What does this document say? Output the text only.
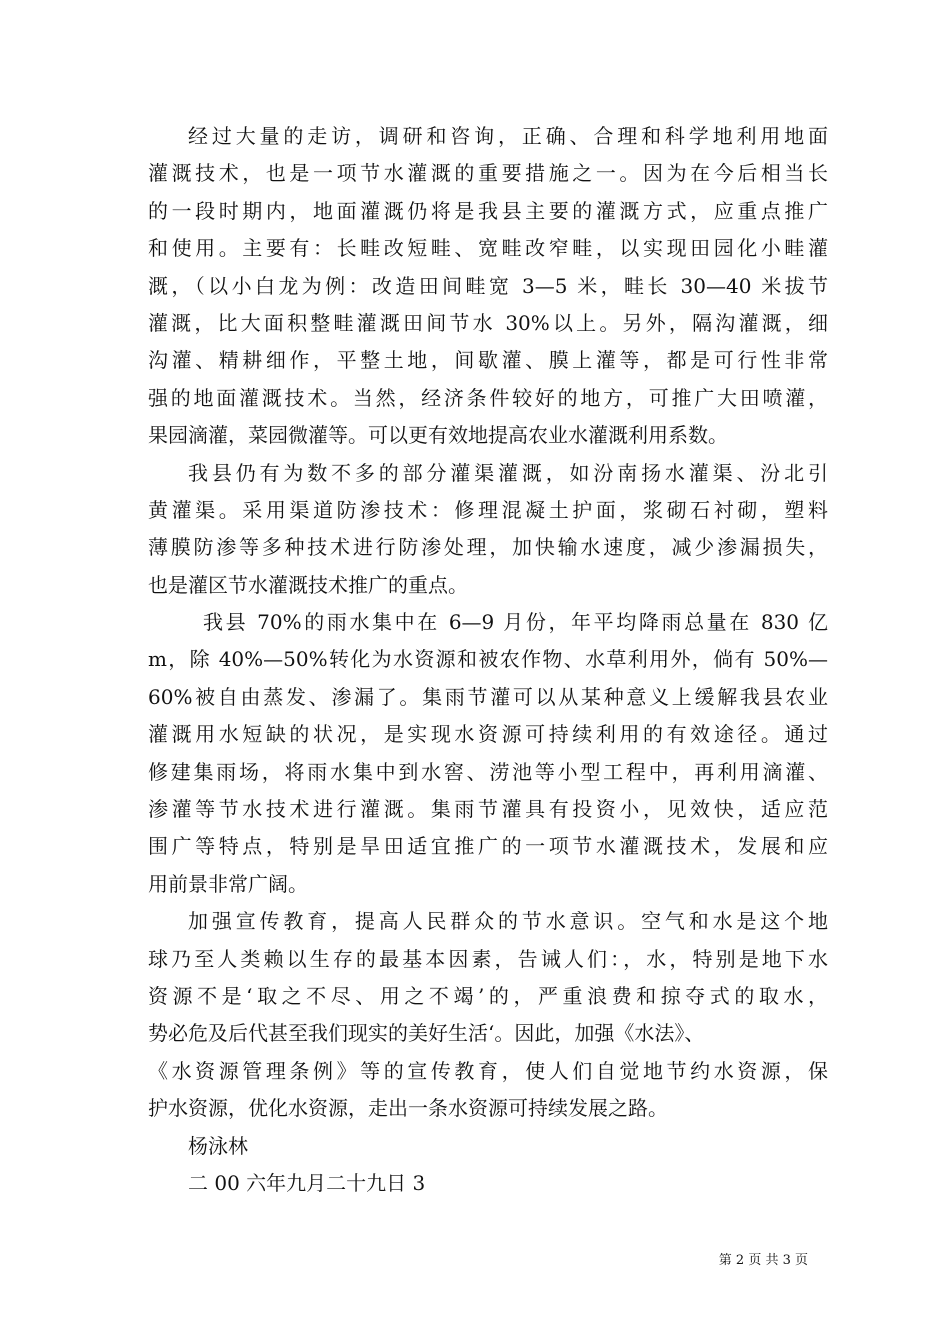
经过大量的走访，调研和咨询，正确、合理和科学地利用地面
灌溉技术，也是一项节水灌溉的重要措施之一。因为在今后相当长
的一段时期内，地面灌溉仍将是我县主要的灌溉方式，应重点推广
和使用。主要有：长畦改短畦、宽畦改窄畦，以实现田园化小畦灌
溉，（以小白龙为例：改造田间畦宽 3—5 米，畦长 30—40 米拔节
灌溉，比大面积整畦灌溉田间节水 30%以上。另外，隔沟灌溉，细
沟灌、精耕细作，平整土地，间歇灌、膜上灌等，都是可行性非常
强的地面灌溉技术。当然，经济条件较好的地方，可推广大田喷灌，
果园滴灌，菜园微灌等。可以更有效地提高农业水灌溉利用系数。
我县仍有为数不多的部分灌渠灌溉，如汾南扬水灌渠、汾北引
黄灌渠。采用渠道防渗技术：修理混凝土护面，浆砌石衬砌，塑料
薄膜防渗等多种技术进行防渗处理，加快输水速度，减少渗漏损失，
也是灌区节水灌溉技术推广的重点。
我县 70%的雨水集中在 6—9 月份，年平均降雨总量在 830 亿
m，除 40%—50%转化为水资源和被农作物、水草利用外，倘有 50%—
60%被自由蒸发、渗漏了。集雨节灌可以从某种意义上缓解我县农业
灌溉用水短缺的状况，是实现水资源可持续利用的有效途径。通过
修建集雨场，将雨水集中到水窖、涝池等小型工程中，再利用滴灌、
渗灌等节水技术进行灌溉。集雨节灌具有投资小，见效快，适应范
围广等特点，特别是旱田适宜推广的一项节水灌溉技术，发展和应
用前景非常广阔。
加强宣传教育，提高人民群众的节水意识。空气和水是这个地
球乃至人类赖以生存的最基本因素，告诫人们：，水，特别是地下水
资源不是‘取之不尽、用之不竭’的，严重浪费和掠夺式的取水，
势必危及后代甚至我们现实的美好生活‘。因此，加强《水法》、
《水资源管理条例》等的宣传教育，使人们自觉地节约水资源，保
护水资源，优化水资源，走出一条水资源可持续发展之路。
杨泳林
二 00 六年九月二十九日 3
第 2 页 共 3 页
